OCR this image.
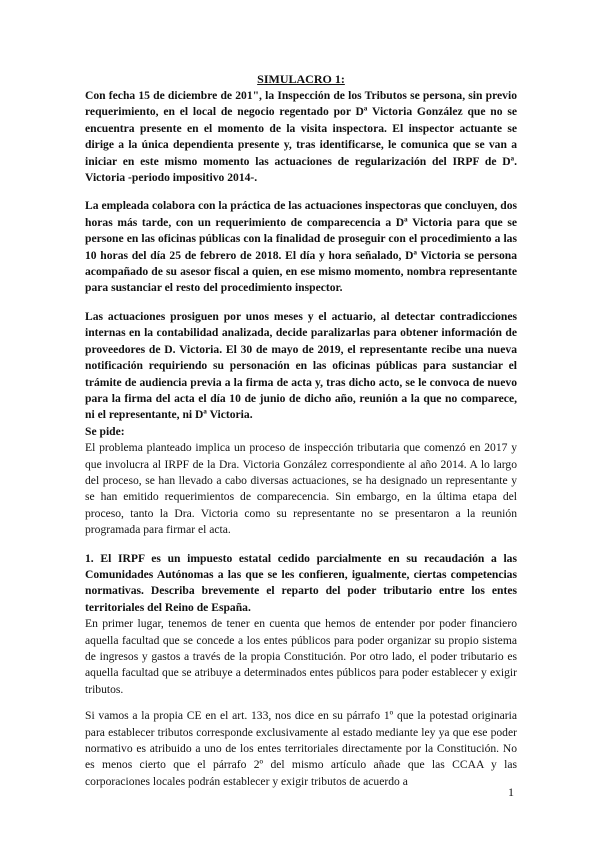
SIMULACRO 1:

Con fecha 15 de diciembre de 201", la Inspección de los Tributos se persona, sin previo requerimiento, en el local de negocio regentado por Dª Victoria González que no se encuentra presente en el momento de la visita inspectora. El inspector actuante se dirige a la única dependienta presente y, tras identificarse, le comunica que se van a iniciar en este mismo momento las actuaciones de regularización del IRPF de Dª. Victoria -periodo impositivo 2014-.

La empleada colabora con la práctica de las actuaciones inspectoras que concluyen, dos horas más tarde, con un requerimiento de comparecencia a Dª Victoria para que se persone en las oficinas públicas con la finalidad de proseguir con el procedimiento a las 10 horas del día 25 de febrero de 2018. El día y hora señalado, Dª Victoria se persona acompañado de su asesor fiscal a quien, en ese mismo momento, nombra representante para sustanciar el resto del procedimiento inspector.

Las actuaciones prosiguen por unos meses y el actuario, al detectar contradicciones internas en la contabilidad analizada, decide paralizarlas para obtener información de proveedores de D. Victoria. El 30 de mayo de 2019, el representante recibe una nueva notificación requiriendo su personación en las oficinas públicas para sustanciar el trámite de audiencia previa a la firma de acta y, tras dicho acto, se le convoca de nuevo para la firma del acta el día 10 de junio de dicho año, reunión a la que no comparece, ni el representante, ni Dª Victoria.

Se pide:

El problema planteado implica un proceso de inspección tributaria que comenzó en 2017 y que involucra al IRPF de la Dra. Victoria González correspondiente al año 2014. A lo largo del proceso, se han llevado a cabo diversas actuaciones, se ha designado un representante y se han emitido requerimientos de comparecencia. Sin embargo, en la última etapa del proceso, tanto la Dra. Victoria como su representante no se presentaron a la reunión programada para firmar el acta.

1. El IRPF es un impuesto estatal cedido parcialmente en su recaudación a las Comunidades Autónomas a las que se les confieren, igualmente, ciertas competencias normativas. Describa brevemente el reparto del poder tributario entre los entes territoriales del Reino de España.

En primer lugar, tenemos de tener en cuenta que hemos de entender por poder financiero aquella facultad que se concede a los entes públicos para poder organizar su propio sistema de ingresos y gastos a través de la propia Constitución. Por otro lado, el poder tributario es aquella facultad que se atribuye a determinados entes públicos para poder establecer y exigir tributos.

Si vamos a la propia CE en el art. 133, nos dice en su párrafo 1º que la potestad originaria para establecer tributos corresponde exclusivamente al estado mediante ley ya que ese poder normativo es atribuido a uno de los entes territoriales directamente por la Constitución. No es menos cierto que el párrafo 2º del mismo artículo añade que las CCAA y las corporaciones locales podrán establecer y exigir tributos de acuerdo a

1
